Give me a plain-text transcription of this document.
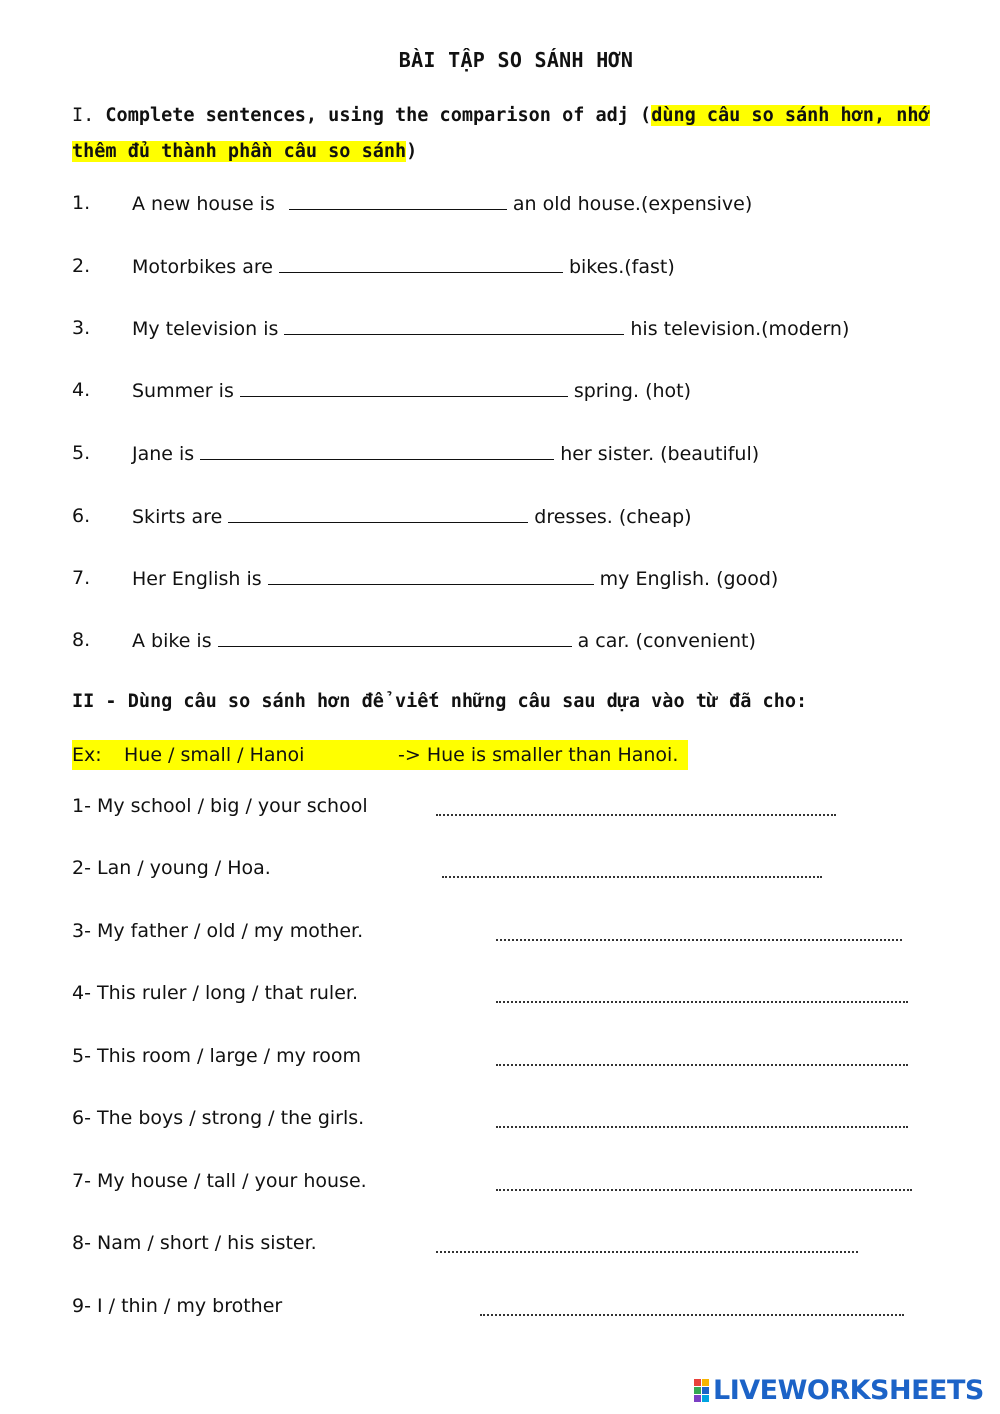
BÀI TẬP SO SÁNH HƠN
I. Complete sentences, using the comparison of adj (dùng câu so sánh hơn, nhớ thêm đủ thành phần câu so sánh)
1. A new house is	an old house.(expensive)
2. Motorbikes are	bikes.(fast)
3. My television is	his television.(modern)
4. Summer is	spring. (hot)
5. Jane is	her sister. (beautiful)
6. Skirts are	dresses. (cheap)
7. Her English is	my English. (good)
8. A bike is	a car. (convenient)
II - Dùng câu so sánh hơn để viết những câu sau dựa vào từ đã cho:
Ex: Hue / small / Hanoi	-> Hue is smaller than Hanoi.
1- My school / big / your school
2- Lan / young / Hoa.
3- My father / old / my mother.
4- This ruler / long / that ruler.
5- This room / large / my room
6- The boys / strong / the girls.
7- My house / tall / your house.
8- Nam / short / his sister.
9- I / thin / my brother
LIVEWORKSHEETS
